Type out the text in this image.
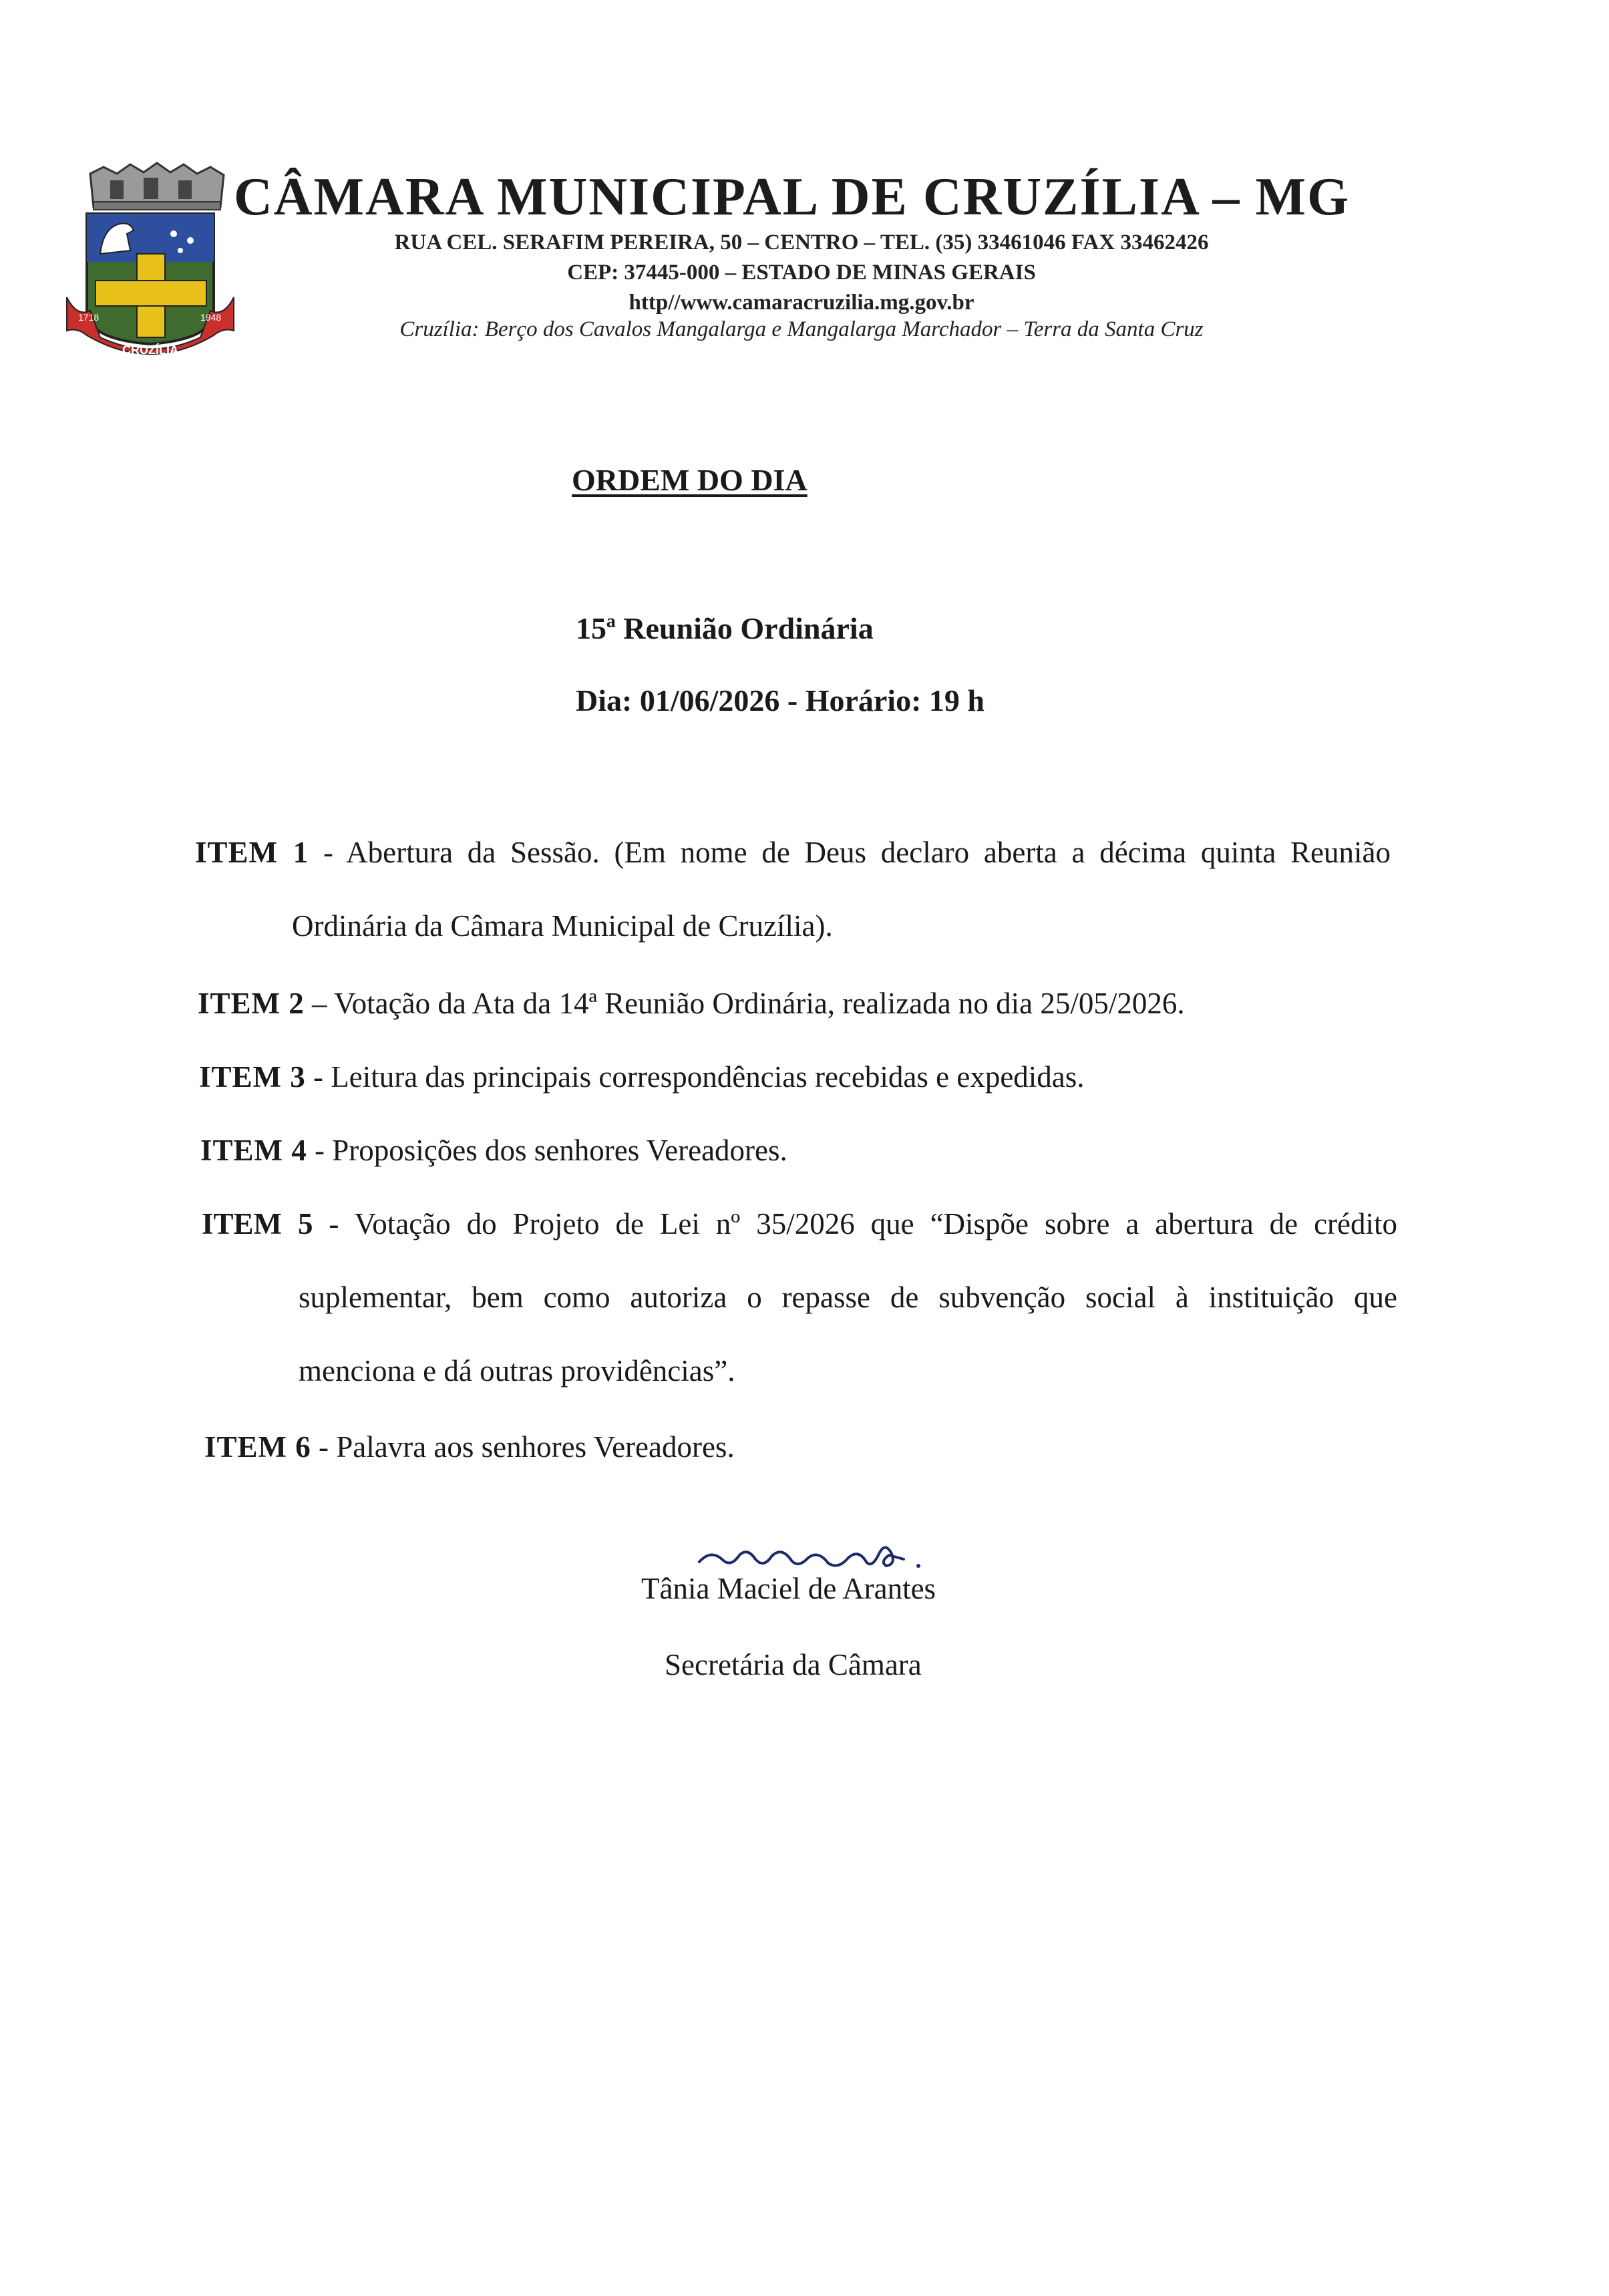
1718	1948
CRUZÍLIA
CÂMARA MUNICIPAL DE CRUZÍLIA – MG
RUA CEL. SERAFIM PEREIRA, 50 – CENTRO – TEL. (35) 33461046 FAX 33462426
CEP: 37445-000 – ESTADO DE MINAS GERAIS
http//www.camaracruzilia.mg.gov.br
Cruzília: Berço dos Cavalos Mangalarga e Mangalarga Marchador – Terra da Santa Cruz
ORDEM DO DIA
15ª Reunião Ordinária
Dia: 01/06/2026 - Horário: 19 h
ITEM 1 - Abertura da Sessão. (Em nome de Deus declaro aberta a décima quinta Reunião
Ordinária da Câmara Municipal de Cruzília).
ITEM 2 – Votação da Ata da 14ª Reunião Ordinária, realizada no dia 25/05/2026.
ITEM 3 - Leitura das principais correspondências recebidas e expedidas.
ITEM 4 - Proposições dos senhores Vereadores.
ITEM 5 - Votação do Projeto de Lei nº 35/2026 que “Dispõe sobre a abertura de crédito
suplementar, bem como autoriza o repasse de subvenção social à instituição que
menciona e dá outras providências”.
ITEM 6 - Palavra aos senhores Vereadores.
Tânia Maciel de Arantes
Secretária da Câmara
